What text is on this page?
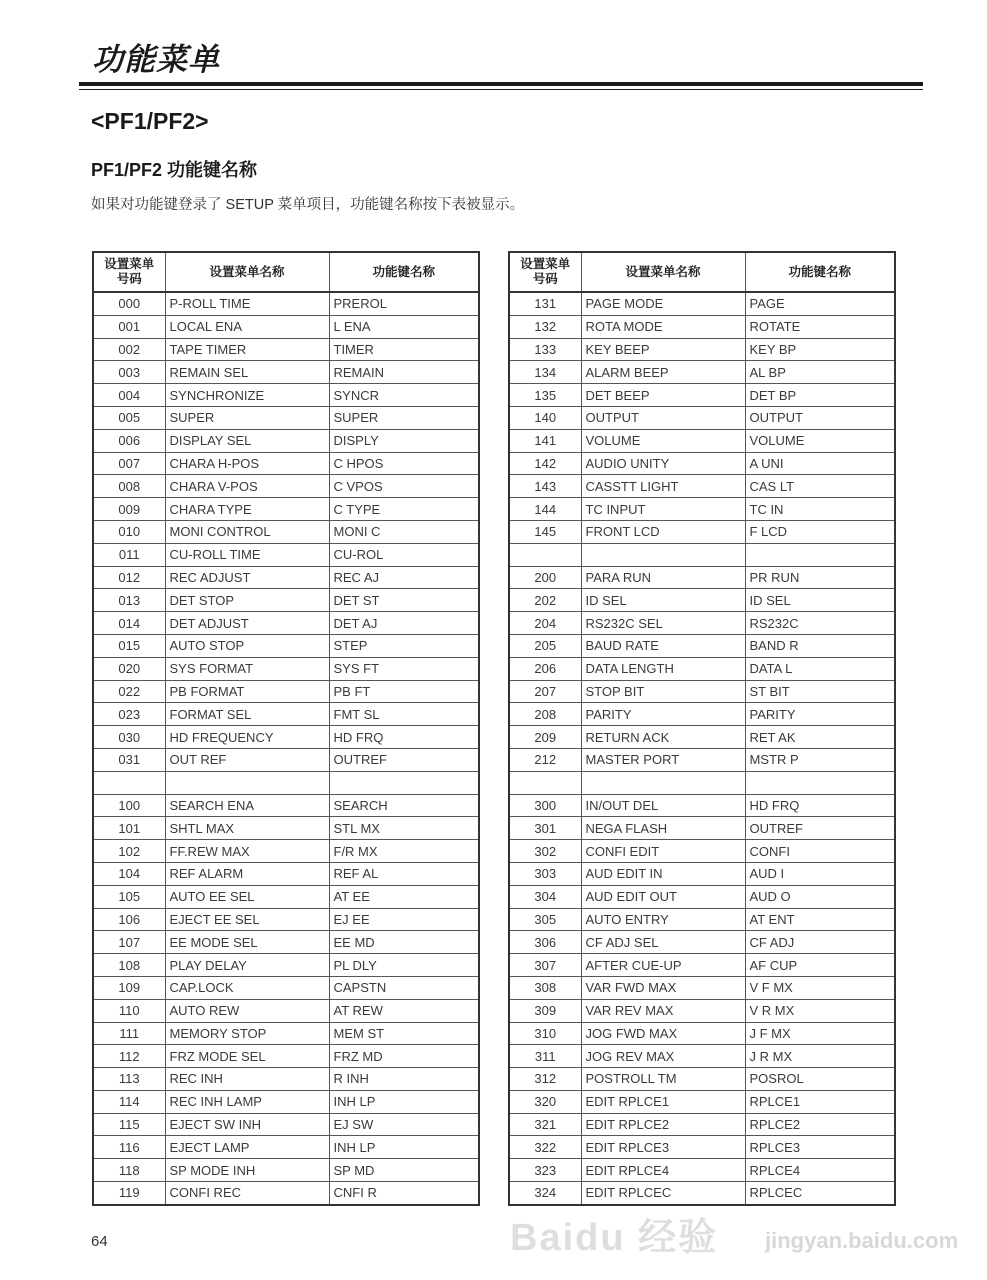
功能菜单
<PF1/PF2>
PF1/PF2 功能键名称
如果对功能键登录了 SETUP 菜单项目，功能键名称按下表被显示。
设置菜单
号码	设置菜单名称	功能键名称
000	P-ROLL TIME	PREROL
001	LOCAL ENA	L ENA
002	TAPE TIMER	TIMER
003	REMAIN SEL	REMAIN
004	SYNCHRONIZE	SYNCR
005	SUPER	SUPER
006	DISPLAY SEL	DISPLY
007	CHARA H-POS	C HPOS
008	CHARA V-POS	C VPOS
009	CHARA TYPE	C TYPE
010	MONI CONTROL	MONI C
011	CU-ROLL TIME	CU-ROL
012	REC ADJUST	REC AJ
013	DET STOP	DET ST
014	DET ADJUST	DET AJ
015	AUTO STOP	STEP
020	SYS FORMAT	SYS FT
022	PB FORMAT	PB FT
023	FORMAT SEL	FMT SL
030	HD FREQUENCY	HD FRQ
031	OUT REF	OUTREF

100	SEARCH ENA	SEARCH
101	SHTL MAX	STL MX
102	FF.REW MAX	F/R MX
104	REF ALARM	REF AL
105	AUTO EE SEL	AT EE
106	EJECT EE SEL	EJ EE
107	EE MODE SEL	EE MD
108	PLAY DELAY	PL DLY
109	CAP.LOCK	CAPSTN
110	AUTO REW	AT REW
111	MEMORY STOP	MEM ST
112	FRZ MODE SEL	FRZ MD
113	REC INH	R INH
114	REC INH LAMP	INH LP
115	EJECT SW INH	EJ SW
116	EJECT LAMP	INH LP
118	SP MODE INH	SP MD
119	CONFI REC	CNFI R
设置菜单
号码	设置菜单名称	功能键名称
131	PAGE MODE	PAGE
132	ROTA MODE	ROTATE
133	KEY BEEP	KEY BP
134	ALARM BEEP	AL BP
135	DET BEEP	DET BP
140	OUTPUT	OUTPUT
141	VOLUME	VOLUME
142	AUDIO UNITY	A UNI
143	CASSTT LIGHT	CAS LT
144	TC INPUT	TC IN
145	FRONT LCD	F LCD

200	PARA RUN	PR RUN
202	ID SEL	ID SEL
204	RS232C SEL	RS232C
205	BAUD RATE	BAND R
206	DATA LENGTH	DATA L
207	STOP BIT	ST BIT
208	PARITY	PARITY
209	RETURN ACK	RET AK
212	MASTER PORT	MSTR P

300	IN/OUT DEL	HD FRQ
301	NEGA FLASH	OUTREF
302	CONFI EDIT	CONFI
303	AUD EDIT IN	AUD I
304	AUD EDIT OUT	AUD O
305	AUTO ENTRY	AT ENT
306	CF ADJ SEL	CF ADJ
307	AFTER CUE-UP	AF CUP
308	VAR FWD MAX	V F MX
309	VAR REV MAX	V R MX
310	JOG FWD MAX	J F MX
311	JOG REV MAX	J R MX
312	POSTROLL TM	POSROL
320	EDIT RPLCE1	RPLCE1
321	EDIT RPLCE2	RPLCE2
322	EDIT RPLCE3	RPLCE3
323	EDIT RPLCE4	RPLCE4
324	EDIT RPLCEC	RPLCEC
64	Baidu 经验 jingyan.baidu.com
